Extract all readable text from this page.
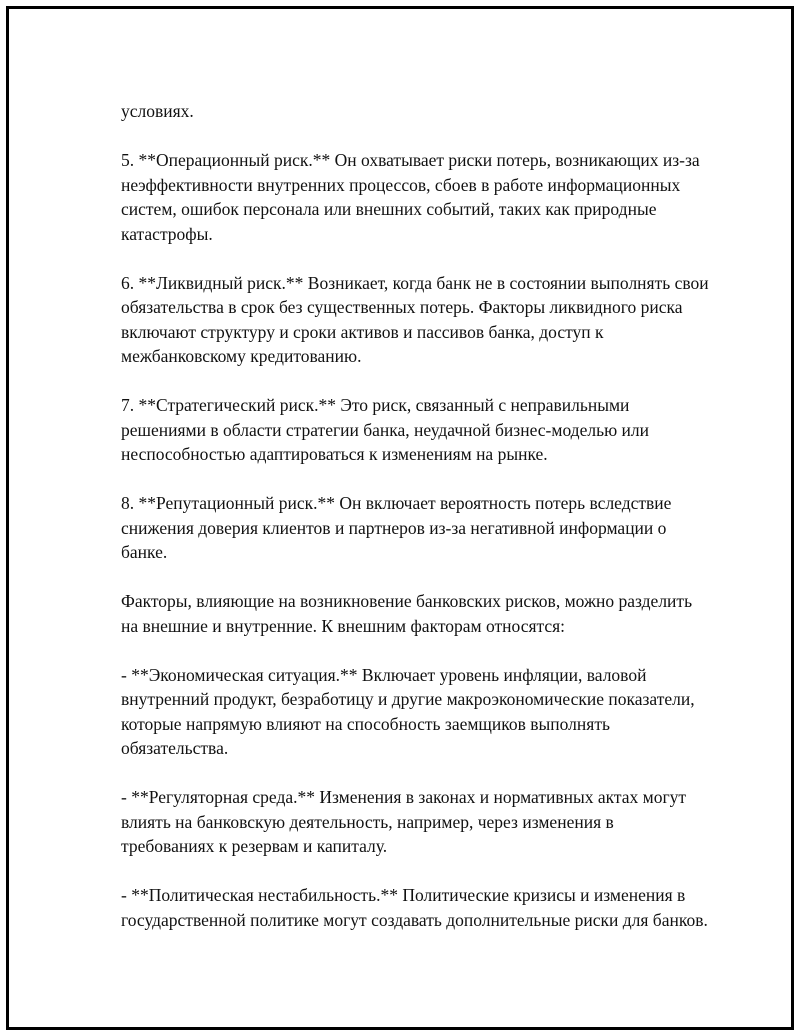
условиях.

5. **Операционный риск.** Он охватывает риски потерь, возникающих из-за неэффективности внутренних процессов, сбоев в работе информационных систем, ошибок персонала или внешних событий, таких как природные катастрофы.

6. **Ликвидный риск.** Возникает, когда банк не в состоянии выполнять свои обязательства в срок без существенных потерь. Факторы ликвидного риска включают структуру и сроки активов и пассивов банка, доступ к межбанковскому кредитованию.

7. **Стратегический риск.** Это риск, связанный с неправильными решениями в области стратегии банка, неудачной бизнес-моделью или неспособностью адаптироваться к изменениям на рынке.

8. **Репутационный риск.** Он включает вероятность потерь вследствие снижения доверия клиентов и партнеров из-за негативной информации о банке.

Факторы, влияющие на возникновение банковских рисков, можно разделить на внешние и внутренние. К внешним факторам относятся:

- **Экономическая ситуация.** Включает уровень инфляции, валовой внутренний продукт, безработицу и другие макроэкономические показатели, которые напрямую влияют на способность заемщиков выполнять обязательства.

- **Регуляторная среда.** Изменения в законах и нормативных актах могут влиять на банковскую деятельность, например, через изменения в требованиях к резервам и капиталу.

- **Политическая нестабильность.** Политические кризисы и изменения в государственной политике могут создавать дополнительные риски для банков.
